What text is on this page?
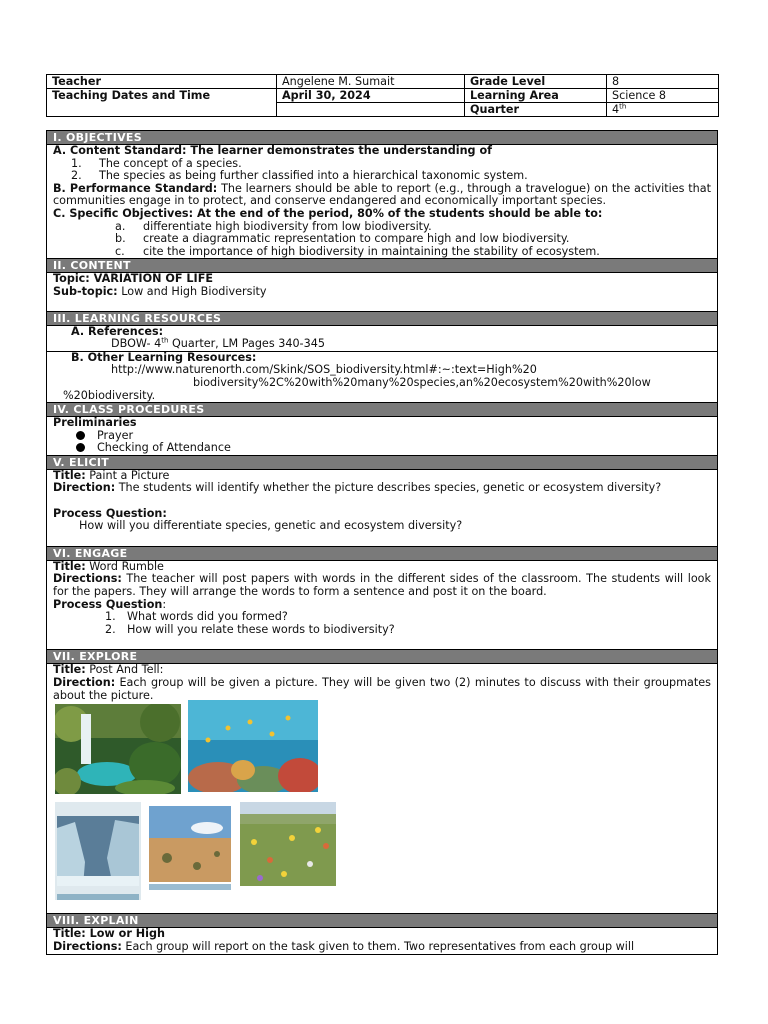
Teacher	Angelene M. Sumait	Grade Level	8
Teaching Dates and Time	April 30, 2024	Learning Area	Science 8
		Quarter	4th
I. OBJECTIVES
A. Content Standard: The learner demonstrates the understanding of
1. The concept of a species.
2. The species as being further classified into a hierarchical taxonomic system.
B. Performance Standard: The learners should be able to report (e.g., through a travelogue) on the activities that communities engage in to protect, and conserve endangered and economically important species.
C. Specific Objectives: At the end of the period, 80% of the students should be able to:
a. differentiate high biodiversity from low biodiversity.
b. create a diagrammatic representation to compare high and low biodiversity.
c. cite the importance of high biodiversity in maintaining the stability of ecosystem.
II. CONTENT
Topic: VARIATION OF LIFE
Sub-topic: Low and High Biodiversity
III. LEARNING RESOURCES
A. References:
DBOW- 4th Quarter, LM Pages 340-345
B. Other Learning Resources:
http://www.naturenorth.com/Skink/SOS_biodiversity.html#:~:text=High%20
biodiversity%2C%20with%20many%20species,an%20ecosystem%20with%20low
%20biodiversity.
IV. CLASS PROCEDURES
Preliminaries
Prayer
Checking of Attendance
V. ELICIT
Title: Paint a Picture
Direction: The students will identify whether the picture describes species, genetic or ecosystem diversity?
Process Question:
How will you differentiate species, genetic and ecosystem diversity?
VI. ENGAGE
Title: Word Rumble
Directions: The teacher will post papers with words in the different sides of the classroom. The students will look for the papers. They will arrange the words to form a sentence and post it on the board.
Process Question:
1. What words did you formed?
2. How will you relate these words to biodiversity?
VII. EXPLORE
Title: Post And Tell:
Direction: Each group will be given a picture. They will be given two (2) minutes to discuss with their groupmates about the picture.
VIII. EXPLAIN
Title: Low or High
Directions: Each group will report on the task given to them. Two representatives from each group will
